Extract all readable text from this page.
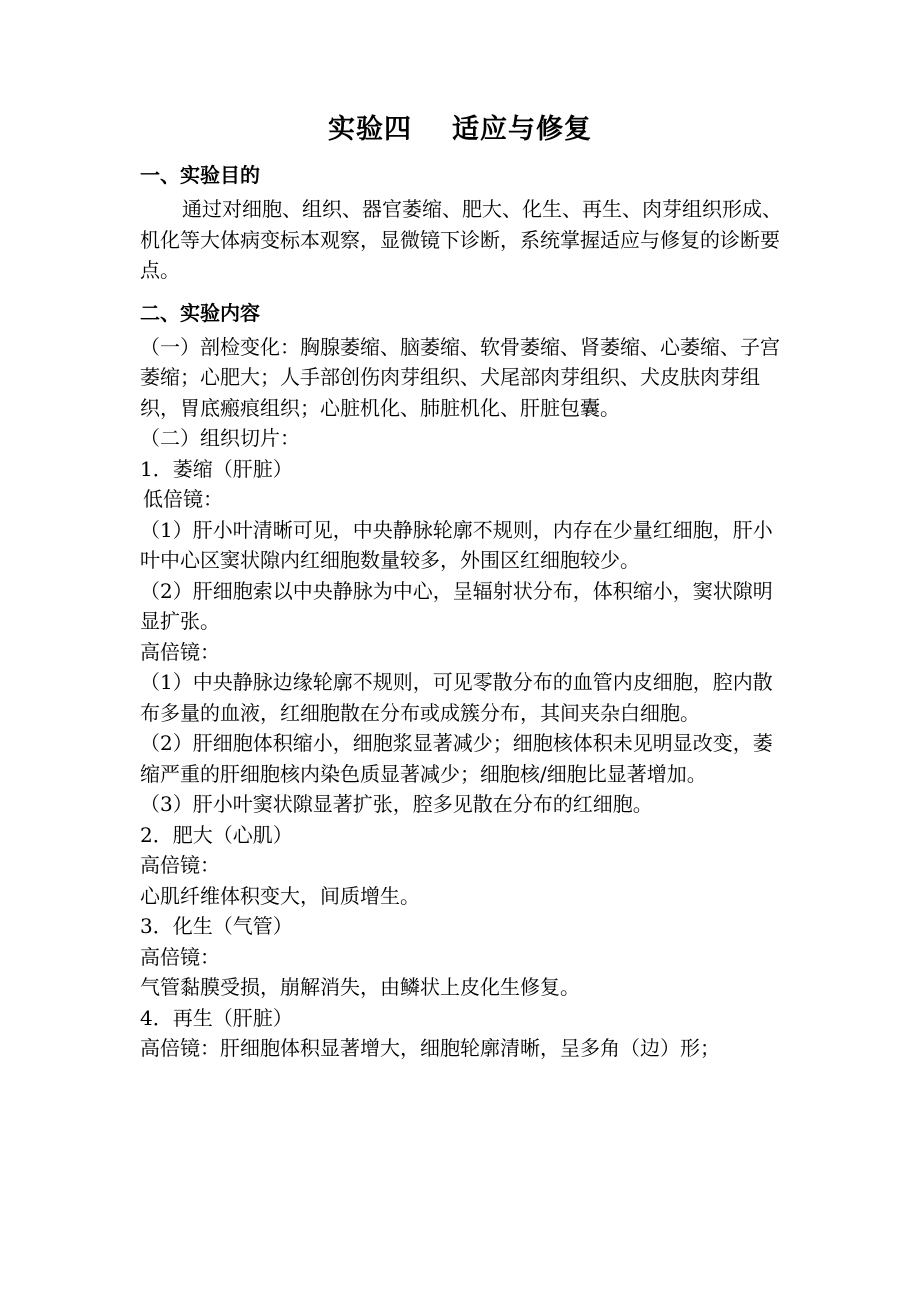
实验四 适应与修复

一、实验目的

通过对细胞、组织、器官萎缩、肥大、化生、再生、肉芽组织形成、机化等大体病变标本观察，显微镜下诊断，系统掌握适应与修复的诊断要点。

二、实验内容

（一）剖检变化：胸腺萎缩、脑萎缩、软骨萎缩、肾萎缩、心萎缩、子宫萎缩；心肥大；人手部创伤肉芽组织、犬尾部肉芽组织、犬皮肤肉芽组织，胃底瘢痕组织；心脏机化、肺脏机化、肝脏包囊。

（二）组织切片：

1．萎缩（肝脏）

低倍镜：

（1）肝小叶清晰可见，中央静脉轮廓不规则，内存在少量红细胞，肝小叶中心区窦状隙内红细胞数量较多，外围区红细胞较少。

（2）肝细胞索以中央静脉为中心，呈辐射状分布，体积缩小，窦状隙明显扩张。

高倍镜：

（1）中央静脉边缘轮廓不规则，可见零散分布的血管内皮细胞，腔内散布多量的血液，红细胞散在分布或成簇分布，其间夹杂白细胞。

（2）肝细胞体积缩小，细胞浆显著减少；细胞核体积未见明显改变，萎缩严重的肝细胞核内染色质显著减少；细胞核/细胞比显著增加。

（3）肝小叶窦状隙显著扩张，腔多见散在分布的红细胞。

2．肥大（心肌）

高倍镜：

心肌纤维体积变大，间质增生。

3．化生（气管）

高倍镜：

气管黏膜受损，崩解消失，由鳞状上皮化生修复。

4．再生（肝脏）

高倍镜：肝细胞体积显著增大，细胞轮廓清晰，呈多角（边）形；
